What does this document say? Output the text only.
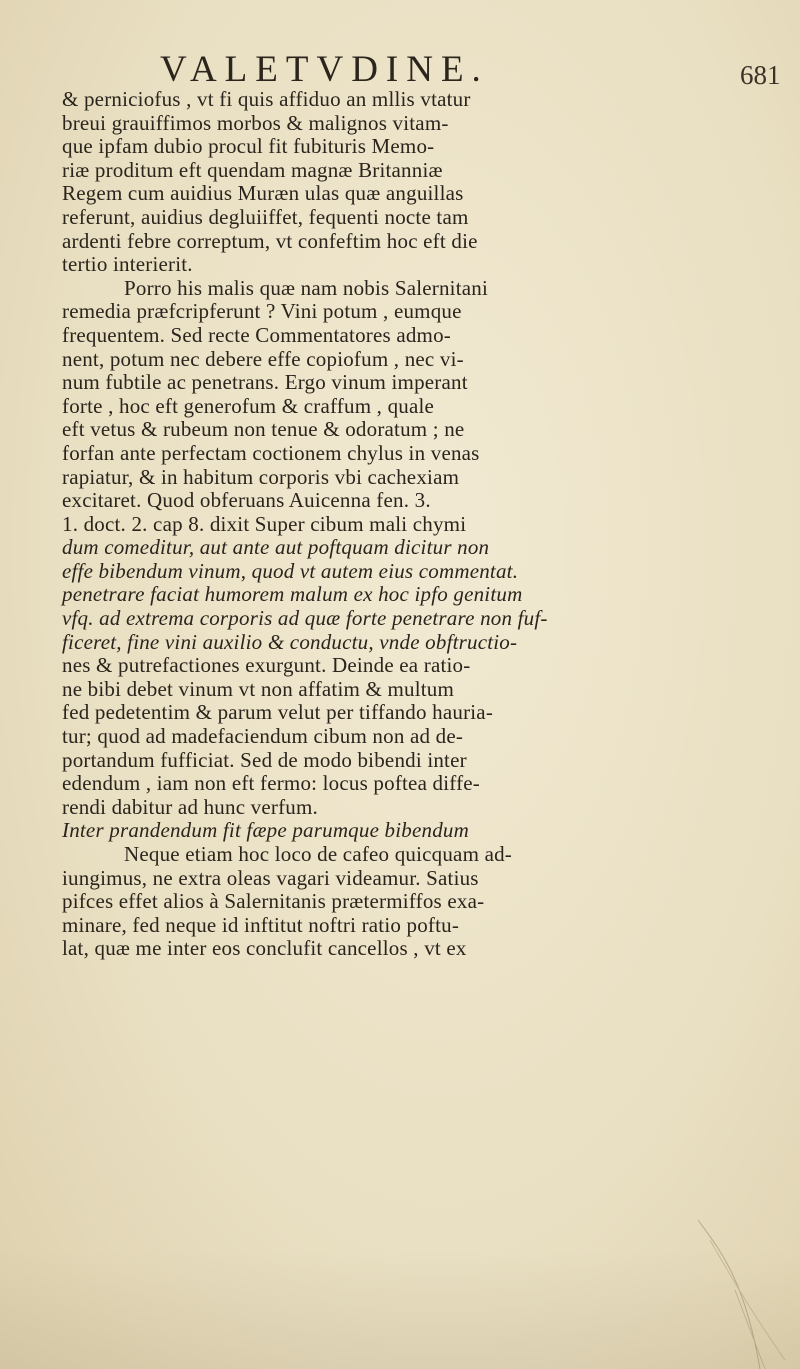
VALETVDINE.	681
& perniciofus , vt fi quis affiduo an mllis vtatur
breui grauiffimos morbos & malignos vitam-
que ipfam dubio procul fit fubituris Memo-
riæ proditum eft quendam magnæ Britanniæ
Regem cum auidius Muræn ulas quæ anguillas
referunt, auidius degluiiffet, fequenti nocte tam
ardenti febre correptum, vt confeftim hoc eft die
tertio interierit.
Porro his malis quæ nam nobis Salernitani
remedia præfcripferunt ? Vini potum , eumque
frequentem. Sed recte Commentatores admo-
nent, potum nec debere effe copiofum , nec vi-
num fubtile ac penetrans. Ergo vinum imperant
forte , hoc eft generofum & craffum , quale
eft vetus & rubeum non tenue & odoratum ; ne
forfan ante perfectam coctionem chylus in venas
rapiatur, & in habitum corporis vbi cachexiam
excitaret. Quod obferuans Auicenna fen. 3.
1. doct. 2. cap 8. dixit Super cibum mali chymi
dum comeditur, aut ante aut poftquam dicitur non
effe bibendum vinum, quod vt autem eius commentat.
penetrare faciat humorem malum ex hoc ipfo genitum
vfq. ad extrema corporis ad quæ forte penetrare non fuf-
ficeret, fine vini auxilio & conductu, vnde obftructio-
nes & putrefactiones exurgunt. Deinde ea ratio-
ne bibi debet vinum vt non affatim & multum
fed pedetentim & parum velut per tiffando hauria-
tur; quod ad madefaciendum cibum non ad de-
portandum fufficiat. Sed de modo bibendi inter
edendum , iam non eft fermo: locus poftea diffe-
rendi dabitur ad hunc verfum.
Inter prandendum fit fæpe parumque bibendum
Neque etiam hoc loco de cafeo quicquam ad-
iungimus, ne extra oleas vagari videamur. Satius
pifces effet alios à Salernitanis prætermiffos exa-
minare, fed neque id inftitut noftri ratio poftu-
lat, quæ me inter eos conclufit cancellos , vt ex
